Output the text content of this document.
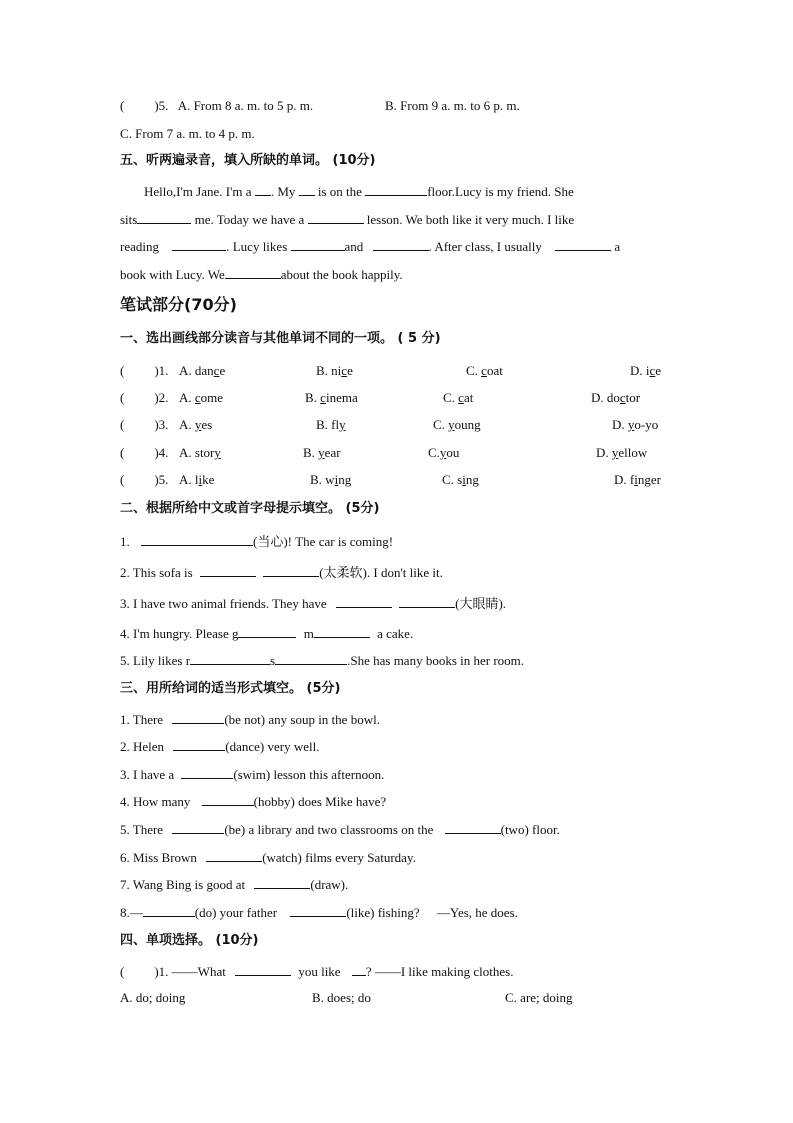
( )5. A. From 8 a. m. to 5 p. m.	B. From 9 a. m. to 6 p. m.
C. From 7 a. m. to 4 p. m.
五、听两遍录音，填入所缺的单词。 (10分)
Hello,I'm Jane. I'm a . My is on the	floor.Lucy is my friend. She
sits	me. Today we have a	lesson. We both like it very much. I like
reading	. Lucy likes	and	. After class, I usually	a
book with Lucy. We	about the book happily.
笔试部分(70分)
一、选出画线部分读音与其他单词不同的一项。 ( 5 分)
( )1. A. dance	B. nice	C. coat	D. ice
( )2. A. come	B. cinema	C. cat	D. doctor
( )3. A. yes	B. fly	C. young	D. yo-yo
( )4. A. story	B. year	C.you	D. yellow
( )5. A. like	B. wing	C. sing	D. finger
二、根据所给中文或首字母提示填空。 (5分)
1.	(当心)! The car is coming!
2. This sofa is	(太柔软). I don't like it.
3. I have two animal friends. They have	(大眼睛).
4. I'm hungry. Please g	m	a cake.
5. Lily likes r	s	.She has many books in her room.
三、用所给词的适当形式填空。 (5分)
1. There	(be not) any soup in the bowl.
2. Helen	(dance) very well.
3. I have a	(swim) lesson this afternoon.
4. How many	(hobby) does Mike have?
5. There	(be) a library and two classrooms on the	(two) floor.
6. Miss Brown	(watch) films every Saturday.
7. Wang Bing is good at	(draw).
8.—	(do) your father	(like) fishing? —Yes, he does.
四、单项选择。 (10分)
( )1. ——What	you like ? ——I like making clothes.
A. do; doing	B. does; do	C. are; doing
